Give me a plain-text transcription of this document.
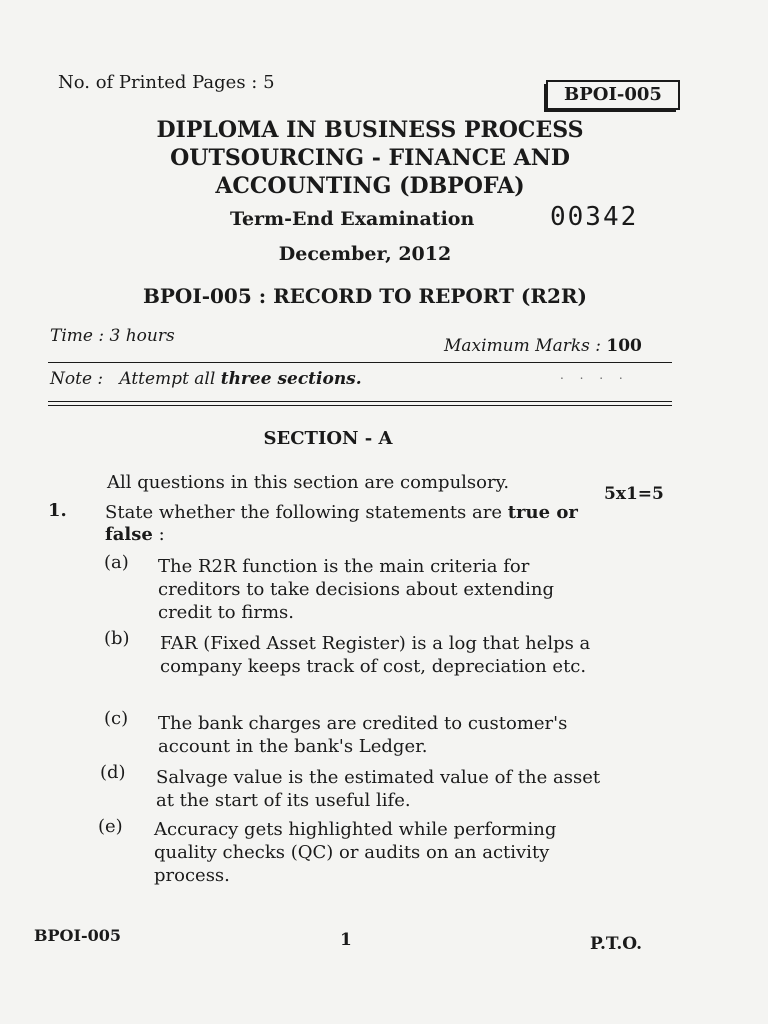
No. of Printed Pages : 5
BPOI-005
DIPLOMA IN BUSINESS PROCESS
OUTSOURCING - FINANCE AND
ACCOUNTING (DBPOFA)
Term-End Examination	00342
December, 2012
BPOI-005 : RECORD TO REPORT (R2R)
Time : 3 hours	Maximum Marks : 100
Note : Attempt all three sections.	. . . .
SECTION - A
All questions in this section are compulsory.
5x1=5
1. State whether the following statements are true or false :
(a) The R2R function is the main criteria for creditors to take decisions about extending credit to firms.
(b) FAR (Fixed Asset Register) is a log that helps a company keeps track of cost, depreciation etc.
(c) The bank charges are credited to customer's account in the bank's Ledger.
(d) Salvage value is the estimated value of the asset at the start of its useful life.
(e) Accuracy gets highlighted while performing quality checks (QC) or audits on an activity process.
BPOI-005	1	P.T.O.
